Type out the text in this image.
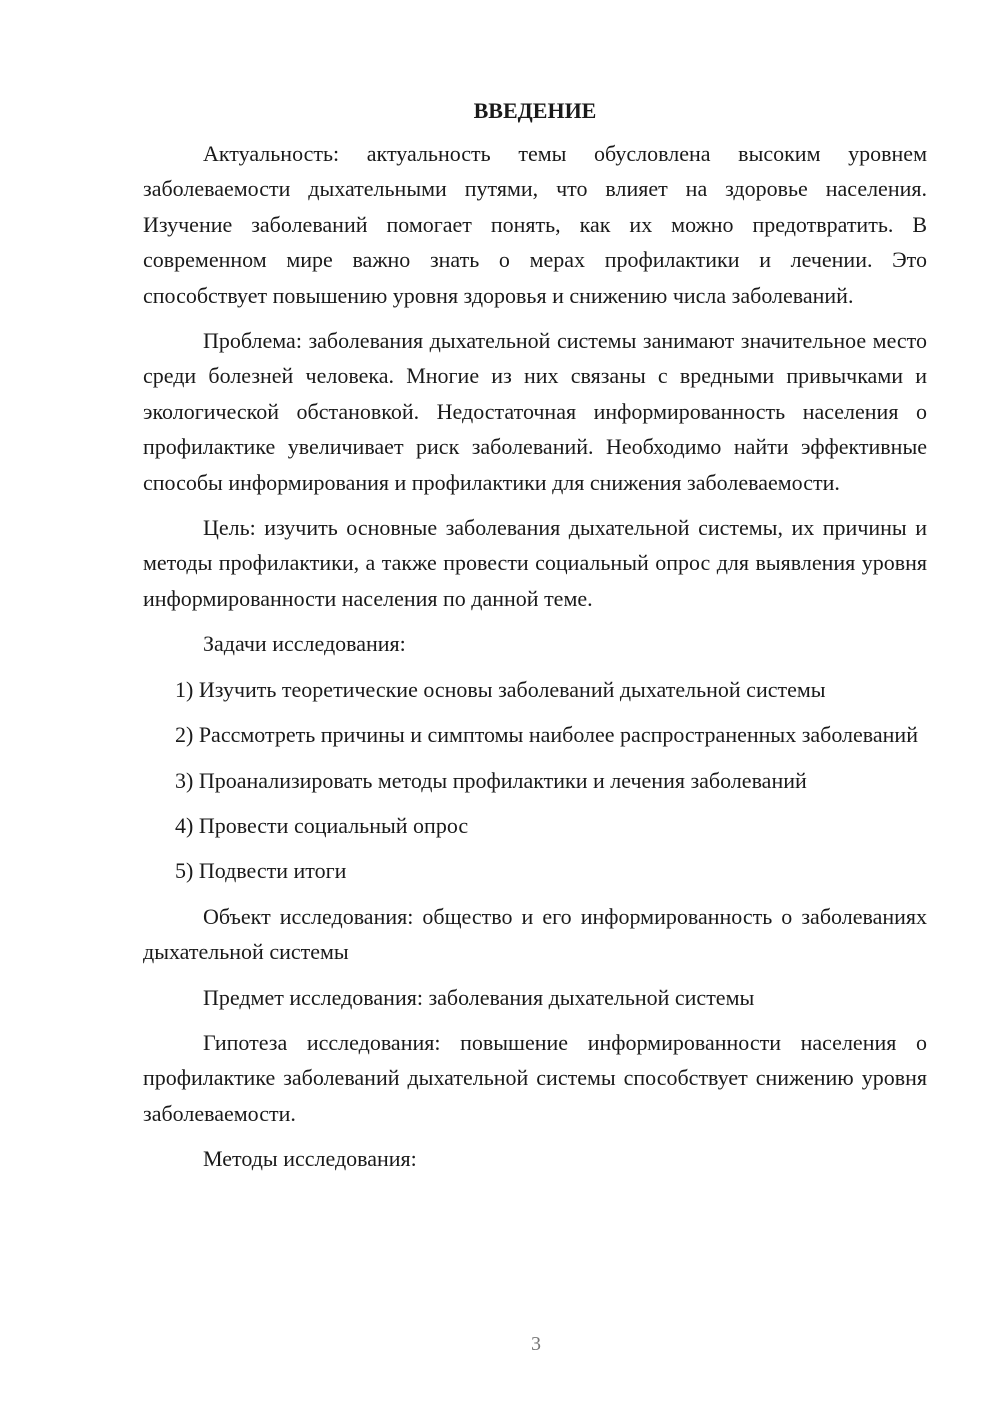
ВВЕДЕНИЕ

Актуальность: актуальность темы обусловлена высоким уровнем заболеваемости дыхательными путями, что влияет на здоровье населения. Изучение заболеваний помогает понять, как их можно предотвратить. В современном мире важно знать о мерах профилактики и лечении. Это способствует повышению уровня здоровья и снижению числа заболеваний.

Проблема: заболевания дыхательной системы занимают значительное место среди болезней человека. Многие из них связаны с вредными привычками и экологической обстановкой. Недостаточная информированность населения о профилактике увеличивает риск заболеваний. Необходимо найти эффективные способы информирования и профилактики для снижения заболеваемости.

Цель: изучить основные заболевания дыхательной системы, их причины и методы профилактики, а также провести социальный опрос для выявления уровня информированности населения по данной теме.

Задачи исследования:

1) Изучить теоретические основы заболеваний дыхательной системы

2) Рассмотреть причины и симптомы наиболее распространенных заболеваний

3) Проанализировать методы профилактики и лечения заболеваний

4) Провести социальный опрос

5) Подвести итоги

Объект исследования: общество и его информированность о заболеваниях дыхательной системы

Предмет исследования: заболевания дыхательной системы

Гипотеза исследования: повышение информированности населения о профилактике заболеваний дыхательной системы способствует снижению уровня заболеваемости.

Методы исследования:

3
